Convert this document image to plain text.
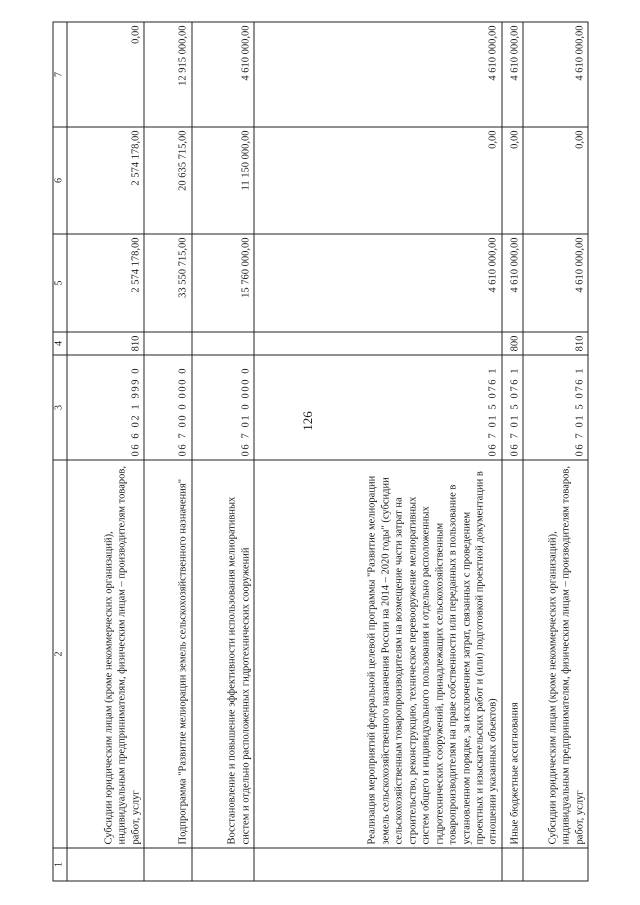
126
1	2	3	4	5	6	7
	Субсидии юридическим лицам (кроме некоммерческих организаций), индивидуальным предпринимателям, физическим лицам – производителям товаров, работ, услуг	06 6 02 1 999 0	810	2 574 178,00	2 574 178,00	0,00
	Подпрограмма "Развитие мелиорации земель сельскохозяйственного назначения"	06 7 00 0 000 0		33 550 715,00	20 635 715,00	12 915 000,00
	Восстановление и повышение эффективности использования мелиоративных систем и отдельно расположенных гидротехнических сооружений	06 7 01 0 000 0		15 760 000,00	11 150 000,00	4 610 000,00
	Реализация мероприятий федеральной целевой программы "Развитие мелиорации земель сельскохозяйственного назначения России на 2014 – 2020 годы" (субсидии сельскохозяйственным товаропроизводителям на возмещение части затрат на строительство, реконструкцию, техническое перевооружение мелиоративных систем общего и индивидуального пользования и отдельно расположенных гидротехнических сооружений, принадлежащих сельскохозяйственным товаропроизводителям на праве собственности или переданных в пользование в установленном порядке, за исключением затрат, связанных с проведением проектных и изыскательских работ и (или) подготовкой проектной документации в отношении указанных объектов)	06 7 01 5 076 1		4 610 000,00	0,00	4 610 000,00
	Иные бюджетные ассигнования	06 7 01 5 076 1	800	4 610 000,00	0,00	4 610 000,00
	Субсидии юридическим лицам (кроме некоммерческих организаций), индивидуальным предпринимателям, физическим лицам – производителям товаров, работ, услуг	06 7 01 5 076 1	810	4 610 000,00	0,00	4 610 000,00
